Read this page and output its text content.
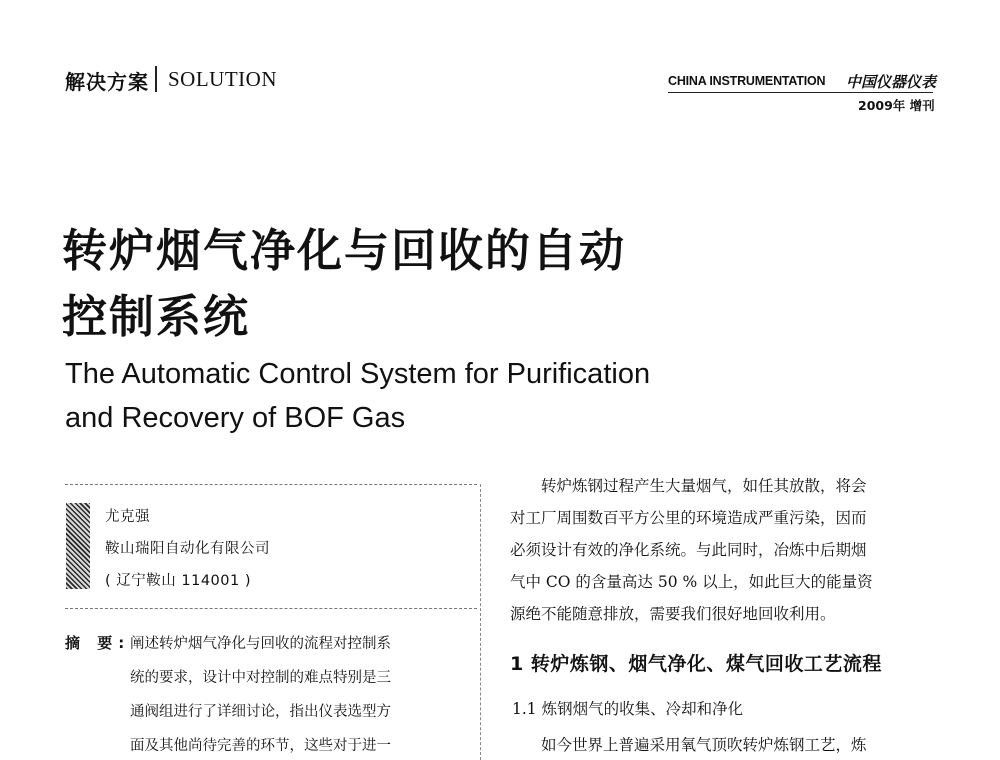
解决方案 SOLUTION	CHINA INSTRUMENTATION 中国仪器仪表
2009年 增刊
转炉烟气净化与回收的自动
控制系统
The Automatic Control System for Purification
and Recovery of BOF Gas
尤克强
鞍山瑞阳自动化有限公司
( 辽宁鞍山 114001 )
摘 要: 阐述转炉烟气净化与回收的流程对控制系
统的要求，设计中对控制的难点特别是三
通阀组进行了详细讨论，指出仪表选型方
面及其他尚待完善的环节，这些对于进一
转炉炼钢过程产生大量烟气，如任其放散，将会
对工厂周围数百平方公里的环境造成严重污染，因而
必须设计有效的净化系统。与此同时，冶炼中后期烟
气中 CO 的含量高达 50 % 以上，如此巨大的能量资
源绝不能随意排放，需要我们很好地回收利用。
1 转炉炼钢、烟气净化、煤气回收工艺流程
1.1 炼钢烟气的收集、冷却和净化
如今世界上普遍采用氧气顶吹转炉炼钢工艺，炼
